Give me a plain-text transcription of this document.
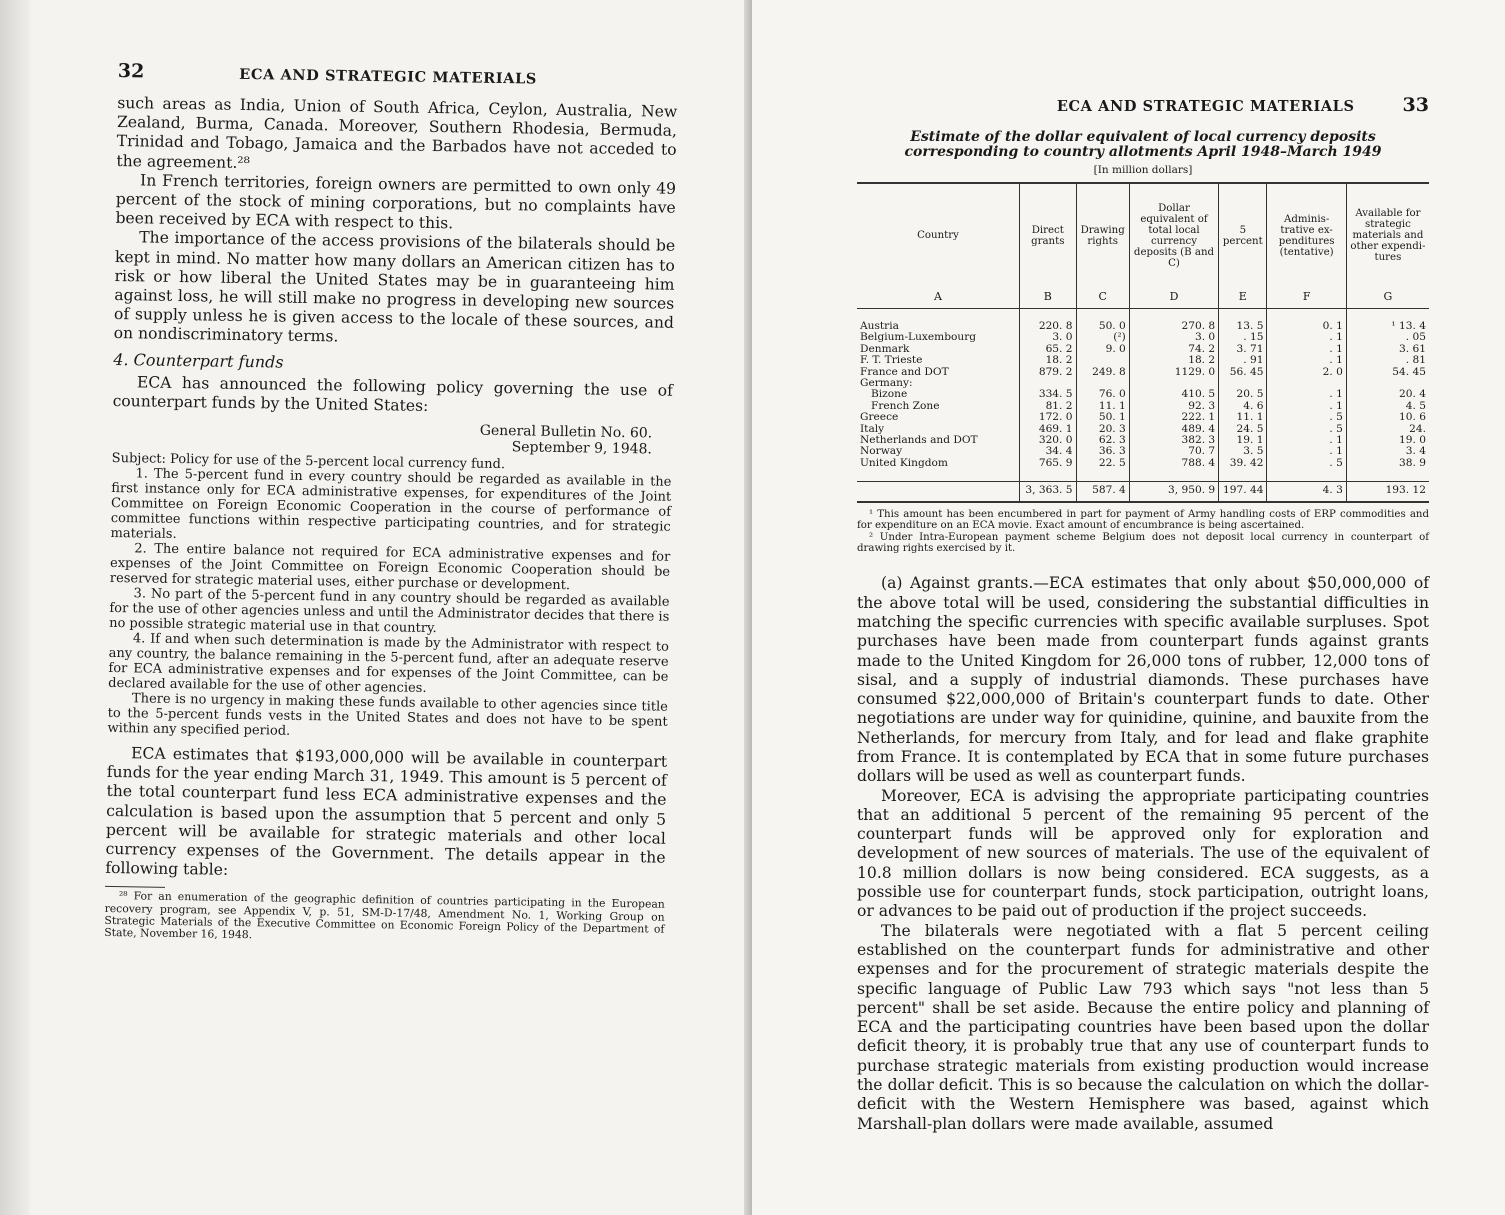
32	ECA AND STRATEGIC MATERIALS

such areas as India, Union of South Africa, Ceylon, Australia, New Zealand, Burma, Canada. Moreover, Southern Rhodesia, Bermuda, Trinidad and Tobago, Jamaica and the Barbados have not acceded to the agreement.²⁸

In French territories, foreign owners are permitted to own only 49 percent of the stock of mining corporations, but no complaints have been received by ECA with respect to this.

The importance of the access provisions of the bilaterals should be kept in mind. No matter how many dollars an American citizen has to risk or how liberal the United States may be in guaranteeing him against loss, he will still make no progress in developing new sources of supply unless he is given access to the locale of these sources, and on nondiscriminatory terms.

4. Counterpart funds

ECA has announced the following policy governing the use of counterpart funds by the United States:

General Bulletin No. 60.
September 9, 1948.

Subject: Policy for use of the 5-percent local currency fund.

1. The 5-percent fund in every country should be regarded as available in the first instance only for ECA administrative expenses, for expenditures of the Joint Committee on Foreign Economic Cooperation in the course of performance of committee functions within respective participating countries, and for strategic materials.

2. The entire balance not required for ECA administrative expenses and for expenses of the Joint Committee on Foreign Economic Cooperation should be reserved for strategic material uses, either purchase or development.

3. No part of the 5-percent fund in any country should be regarded as available for the use of other agencies unless and until the Administrator decides that there is no possible strategic material use in that country.

4. If and when such determination is made by the Administrator with respect to any country, the balance remaining in the 5-percent fund, after an adequate reserve for ECA administrative expenses and for expenses of the Joint Committee, can be declared available for the use of other agencies.

There is no urgency in making these funds available to other agencies since title to the 5-percent funds vests in the United States and does not have to be spent within any specified period.

ECA estimates that $193,000,000 will be available in counterpart funds for the year ending March 31, 1949. This amount is 5 percent of the total counterpart fund less ECA administrative expenses and the calculation is based upon the assumption that 5 percent and only 5 percent will be available for strategic materials and other local currency expenses of the Government. The details appear in the following table:

²⁸ For an enumeration of the geographic definition of countries participating in the European recovery program, see Appendix V, p. 51, SM-D-17/48, Amendment No. 1, Working Group on Strategic Materials of the Executive Committee on Economic Foreign Policy of the Department of State, November 16, 1948.

ECA AND STRATEGIC MATERIALS	33

Estimate of the dollar equivalent of local currency deposits corresponding to country allotments April 1948–March 1949

[In million dollars]
Country	Direct grants	Drawing rights	Dollar equivalent of total local currency deposits (B and C)	5 percent	Adminis-trative ex-penditures (tentative)	Available for strategic materials and other expendi-tures
A	B	C	D	E	F	G

Austria	220. 8	50. 0	270. 8	13. 5	0. 1	¹ 13. 4
Belgium-Luxembourg	3. 0	(²)	3. 0	. 15	. 1	. 05
Denmark	65. 2	9. 0	74. 2	3. 71	. 1	3. 61
F. T. Trieste	18. 2		18. 2	. 91	. 1	. 81
France and DOT	879. 2	249. 8	1129. 0	56. 45	2. 0	54. 45
Germany:						
Bizone	334. 5	76. 0	410. 5	20. 5	. 1	20. 4
French Zone	81. 2	11. 1	92. 3	4. 6	. 1	4. 5
Greece	172. 0	50. 1	222. 1	11. 1	. 5	10. 6
Italy	469. 1	20. 3	489. 4	24. 5	. 5	24.
Netherlands and DOT	320. 0	62. 3	382. 3	19. 1	. 1	19. 0
Norway	34. 4	36. 3	70. 7	3. 5	. 1	3. 4
United Kingdom	765. 9	22. 5	788. 4	39. 42	. 5	38. 9

	3, 363. 5	587. 4	3, 950. 9	197. 44	4. 3	193. 12

¹ This amount has been encumbered in part for payment of Army handling costs of ERP commodities and for expenditure on an ECA movie. Exact amount of encumbrance is being ascertained.

² Under Intra-European payment scheme Belgium does not deposit local currency in counterpart of drawing rights exercised by it.

(a) Against grants.—ECA estimates that only about $50,000,000 of the above total will be used, considering the substantial difficulties in matching the specific currencies with specific available surpluses. Spot purchases have been made from counterpart funds against grants made to the United Kingdom for 26,000 tons of rubber, 12,000 tons of sisal, and a supply of industrial diamonds. These purchases have consumed $22,000,000 of Britain's counterpart funds to date. Other negotiations are under way for quinidine, quinine, and bauxite from the Netherlands, for mercury from Italy, and for lead and flake graphite from France. It is contemplated by ECA that in some future purchases dollars will be used as well as counterpart funds.

Moreover, ECA is advising the appropriate participating countries that an additional 5 percent of the remaining 95 percent of the counterpart funds will be approved only for exploration and development of new sources of materials. The use of the equivalent of 10.8 million dollars is now being considered. ECA suggests, as a possible use for counterpart funds, stock participation, outright loans, or advances to be paid out of production if the project succeeds.

The bilaterals were negotiated with a flat 5 percent ceiling established on the counterpart funds for administrative and other expenses and for the procurement of strategic materials despite the specific language of Public Law 793 which says "not less than 5 percent" shall be set aside. Because the entire policy and planning of ECA and the participating countries have been based upon the dollar deficit theory, it is probably true that any use of counterpart funds to purchase strategic materials from existing production would increase the dollar deficit. This is so because the calculation on which the dollar-deficit with the Western Hemisphere was based, against which Marshall-plan dollars were made available, assumed
